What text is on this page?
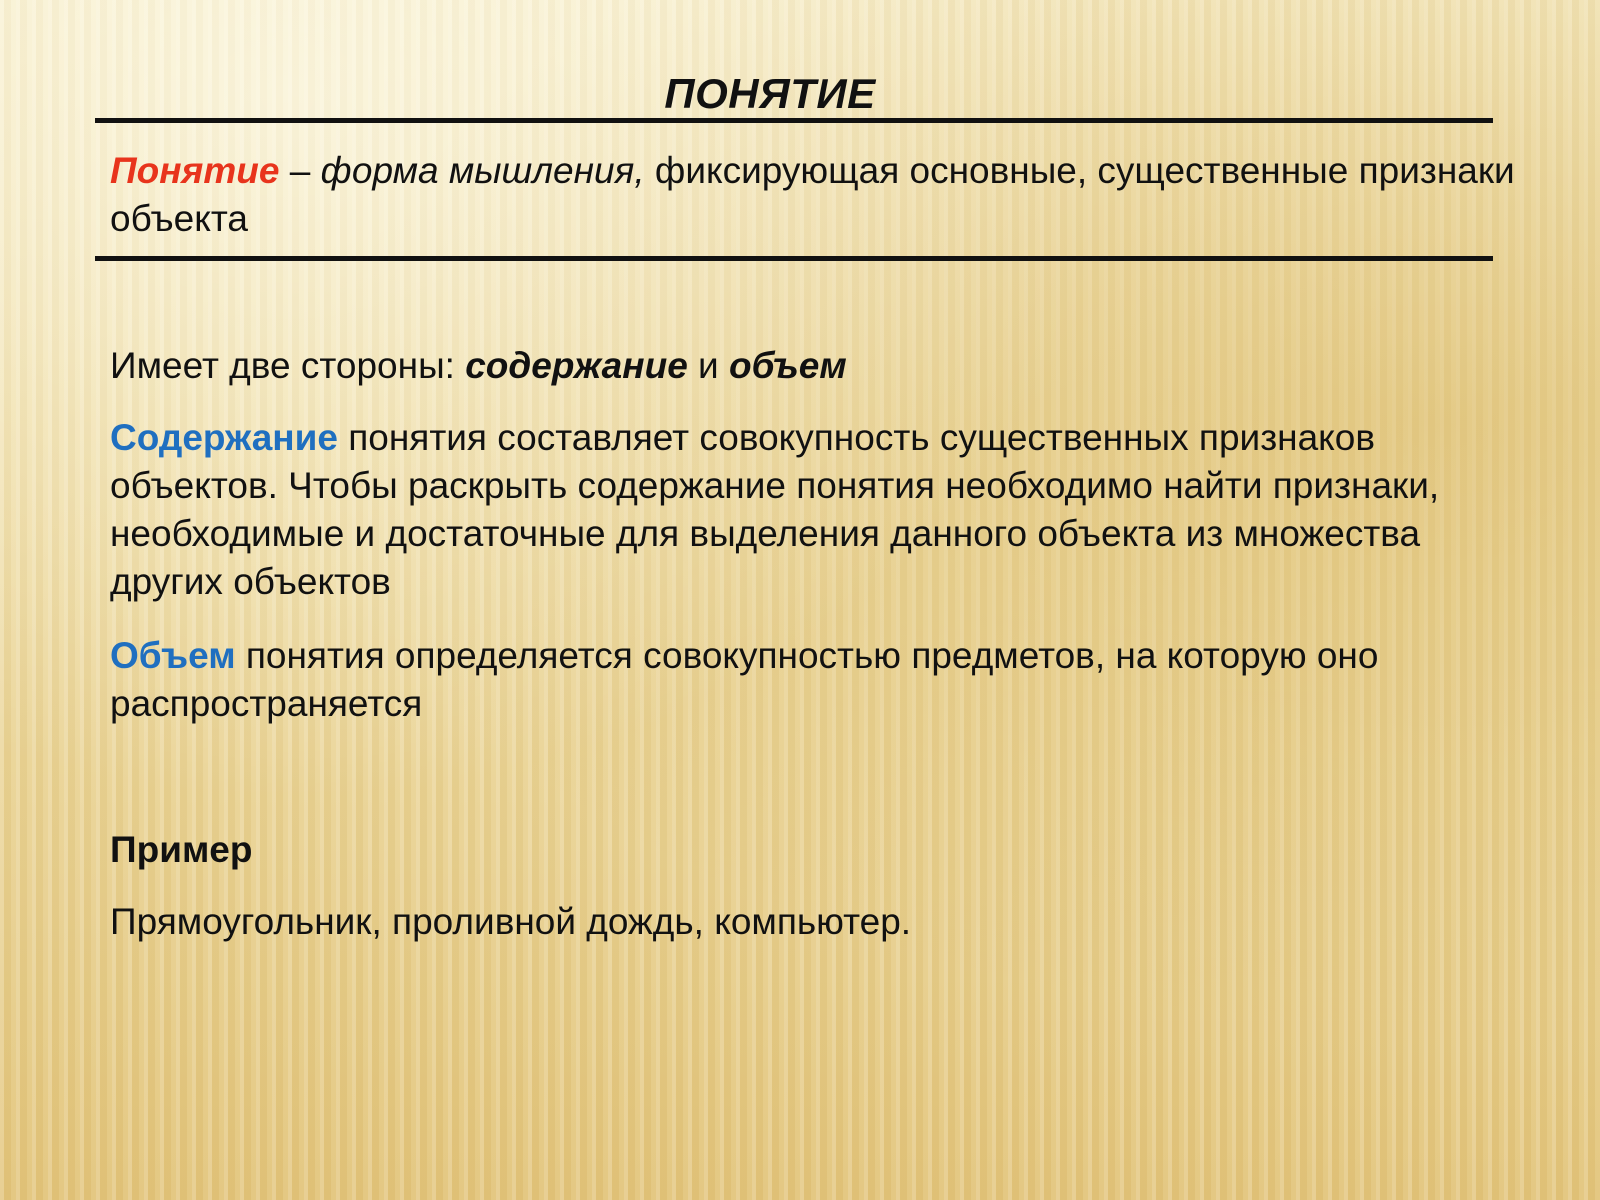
ПОНЯТИЕ

Понятие – форма мышления, фиксирующая основные, существенные признаки объекта

Имеет две стороны: содержание и объем

Содержание понятия составляет совокупность существенных признаков объектов. Чтобы раскрыть содержание понятия необходимо найти признаки, необходимые и достаточные для выделения данного объекта из множества других объектов

Объем понятия определяется совокупностью предметов, на которую оно распространяется

Пример

Прямоугольник, проливной дождь, компьютер.
